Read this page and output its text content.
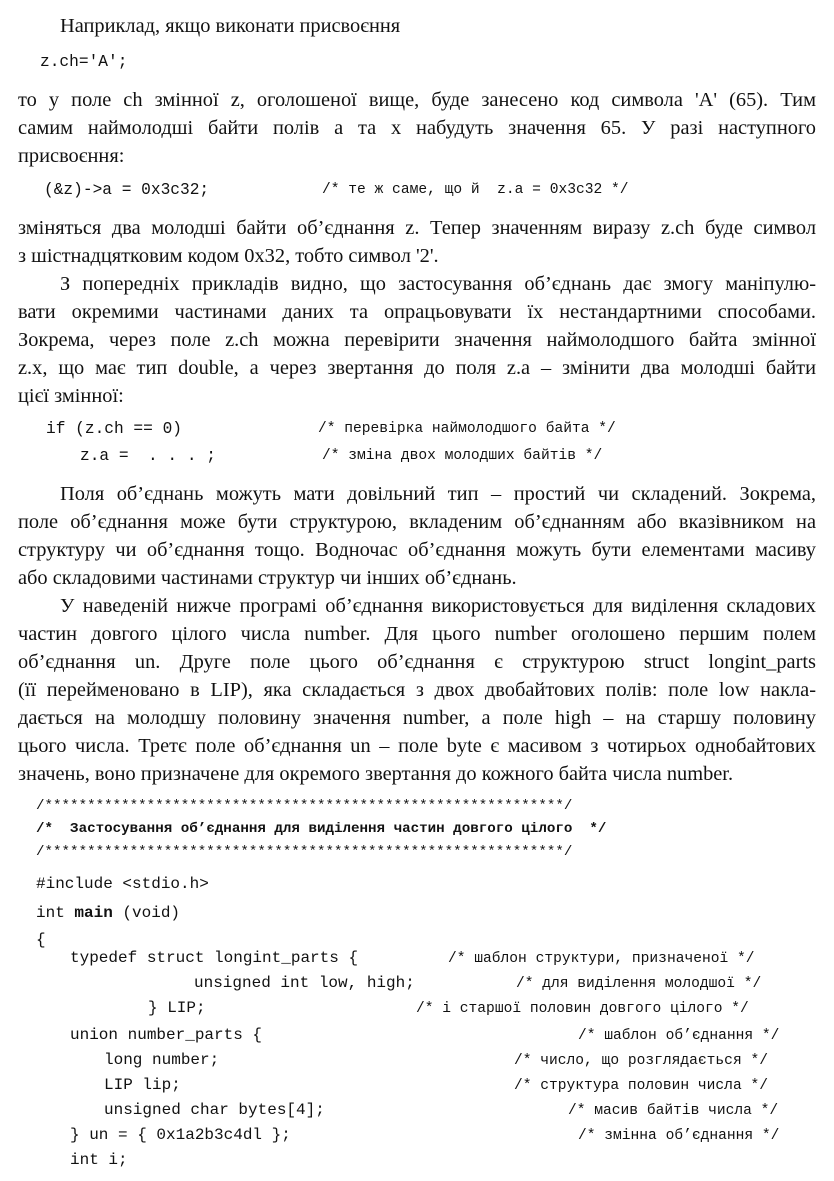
Наприклад, якщо виконати присвоєння
z.ch='A';
то у поле ch змінної z, оголошеної вище, буде занесено код символа 'A' (65). Тим
самим наймолодші байти полів a та x набудуть значення 65. У разі наступного
присвоєння:
(&z)->a = 0x3c32;	/* те ж саме, що й  z.a = 0x3c32 */
зміняться два молодші байти об’єднання z. Тепер значенням виразу z.ch буде символ
з шістнадцятковим кодом 0x32, тобто символ '2'.
З попередніх прикладів видно, що застосування об’єднань дає змогу маніпулю-
вати окремими частинами даних та опрацьовувати їх нестандартними способами.
Зокрема, через поле z.ch можна перевірити значення наймолодшого байта змінної
z.x, що має тип double, а через звертання до поля z.a – змінити два молодші байти
цієї змінної:
if (z.ch == 0)	/* перевірка наймолодшого байта */
z.a =  . . . ;	/* зміна двох молодших байтів */
Поля об’єднань можуть мати довільний тип – простий чи складений. Зокрема,
поле об’єднання може бути структурою, вкладеним об’єднанням або вказівником на
структуру чи об’єднання тощо. Водночас об’єднання можуть бути елементами масиву
або складовими частинами структур чи інших об’єднань.
У наведеній нижче програмі об’єднання використовується для виділення складових
частин довгого цілого числа number. Для цього number оголошено першим полем
об’єднання un. Друге поле цього об’єднання є структурою struct longint_parts
(її перейменовано в LIP), яка складається з двох двобайтових полів: поле low накла-
дається на молодшу половину значення number, а поле high – на старшу половину
цього числа. Третє поле об’єднання un – поле byte є масивом з чотирьох однобайтових
значень, воно призначене для окремого звертання до кожного байта числа number.
/*************************************************************/
/*  Застосування об’єднання для виділення частин довгого цілого  */
/*************************************************************/
#include <stdio.h>
int main (void)
{
typedef struct longint_parts {	/* шаблон структури, призначеної */
unsigned int low, high;	/* для виділення молодшої */
} LIP;	/* і старшої половин довгого цілого */
union number_parts {	/* шаблон об’єднання */
long number;	/* число, що розглядається */
LIP lip;	/* структура половин числа */
unsigned char bytes[4];	/* масив байтів числа */
} un = { 0x1a2b3c4dl };	/* змінна об’єднання */
int i;
